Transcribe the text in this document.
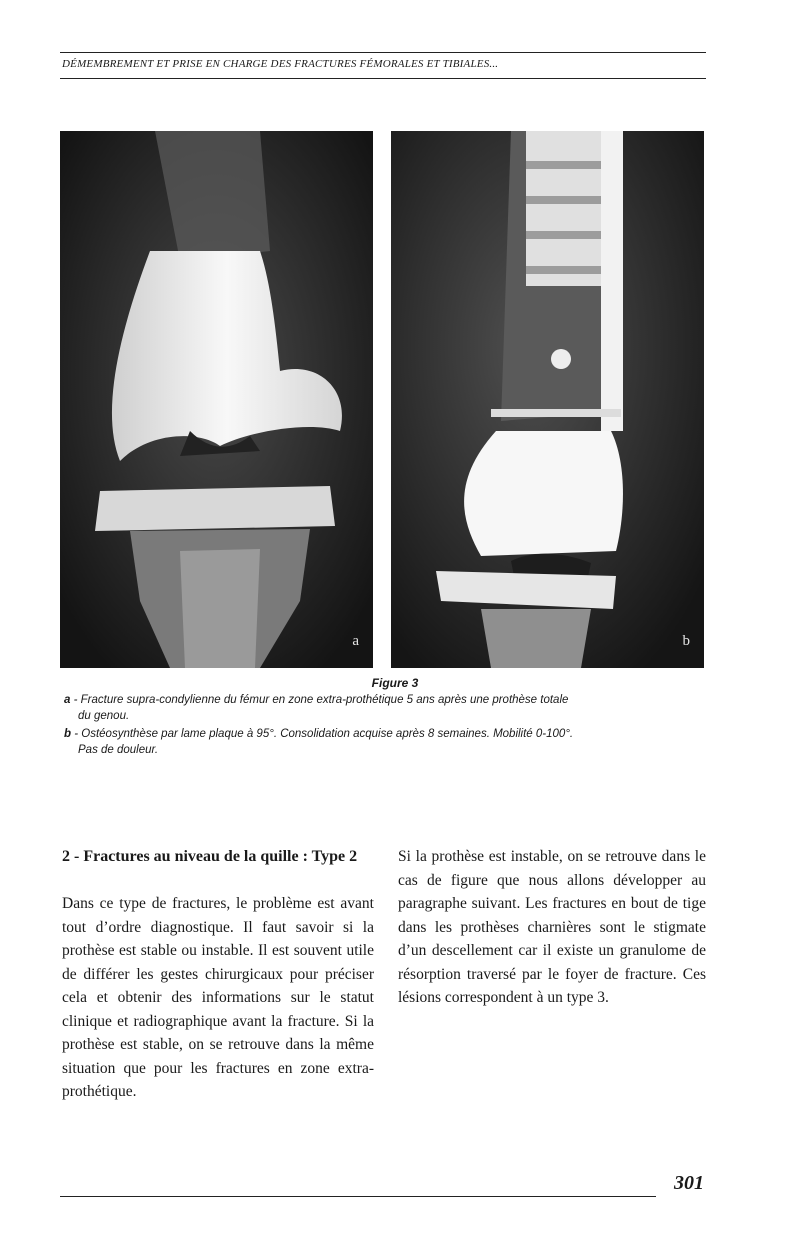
DÉMEMBREMENT ET PRISE EN CHARGE DES FRACTURES FÉMORALES ET TIBIALES...
a	b
Figure 3
a - Fracture supra-condylienne du fémur en zone extra-prothétique 5 ans après une prothèse totale
du genou.
b - Ostéosynthèse par lame plaque à 95°. Consolidation acquise après 8 semaines. Mobilité 0-100°.
Pas de douleur.

2 - Fractures au niveau de la quille : Type 2

Dans ce type de fractures, le problème est avant tout d’ordre diagnostique. Il faut savoir si la prothèse est stable ou instable. Il est souvent utile de différer les gestes chirurgicaux pour préciser cela et obtenir des informations sur le statut clinique et radiographique avant la fracture. Si la prothèse est stable, on se retrouve dans la même situation que pour les fractures en zone extra-prothétique.

Si la prothèse est instable, on se retrouve dans le cas de figure que nous allons développer au paragraphe suivant. Les fractures en bout de tige dans les prothèses charnières sont le stigmate d’un descellement car il existe un granulome de résorption traversé par le foyer de fracture. Ces lésions correspondent à un type 3.

301
